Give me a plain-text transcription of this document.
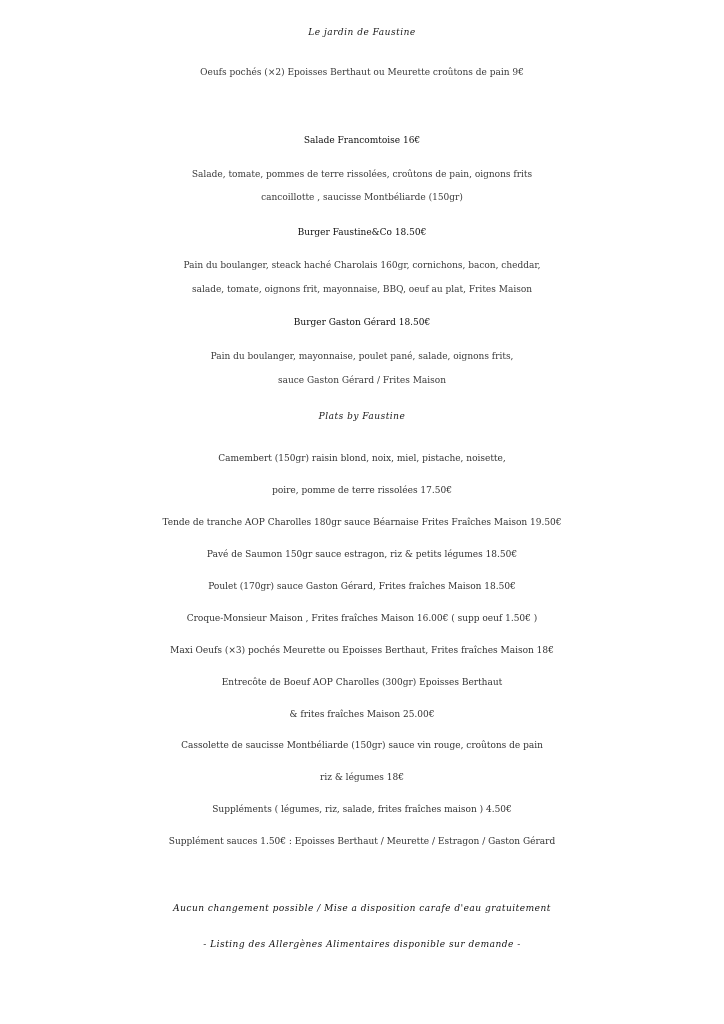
Le jardin de Faustine
Oeufs pochés (×2) Epoisses Berthaut ou Meurette croûtons de pain 9€
Salade Francomtoise 16€
Salade, tomate, pommes de terre rissolées, croûtons de pain, oignons frits
cancoillotte , saucisse Montbéliarde (150gr)
Burger Faustine&Co 18.50€
Pain du boulanger, steack haché Charolais 160gr, cornichons, bacon, cheddar,
salade, tomate, oignons frit, mayonnaise, BBQ, oeuf au plat, Frites Maison
Burger Gaston Gérard 18.50€
Pain du boulanger, mayonnaise, poulet pané, salade, oignons frits,
sauce Gaston Gérard / Frites Maison
Plats by Faustine
Camembert (150gr) raisin blond, noix, miel, pistache, noisette,
poire, pomme de terre rissolées 17.50€
Tende de tranche AOP Charolles 180gr sauce Béarnaise Frites Fraîches Maison 19.50€
Pavé de Saumon 150gr sauce estragon, riz & petits légumes 18.50€
Poulet (170gr) sauce Gaston Gérard, Frites fraîches Maison 18.50€
Croque-Monsieur Maison , Frites fraîches Maison 16.00€ ( supp oeuf 1.50€ )
Maxi Oeufs (×3) pochés Meurette ou Epoisses Berthaut, Frites fraîches Maison 18€
Entrecôte de Boeuf AOP Charolles (300gr) Epoisses Berthaut
& frites fraîches Maison 25.00€
Cassolette de saucisse Montbéliarde (150gr) sauce vin rouge, croûtons de pain
riz & légumes 18€
Suppléments ( légumes, riz, salade, frites fraîches maison ) 4.50€
Supplément sauces 1.50€ : Epoisses Berthaut / Meurette / Estragon / Gaston Gérard
Aucun changement possible / Mise a disposition carafe d'eau gratuitement
- Listing des Allergènes Alimentaires disponible sur demande -
